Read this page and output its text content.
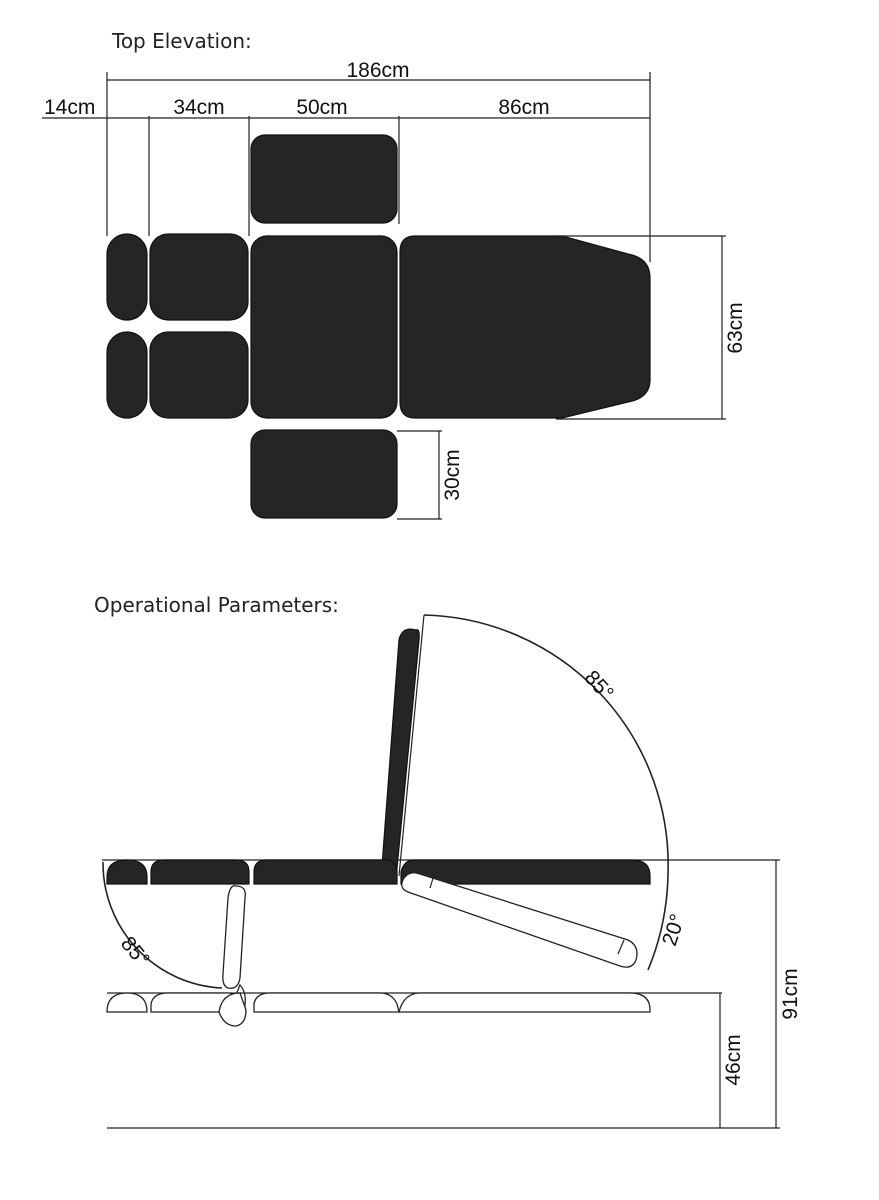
Top Elevation:
186cm
14cm	34cm	50cm	86cm
63cm
30cm
Operational Parameters:
85°
85°
20°
91cm
46cm
